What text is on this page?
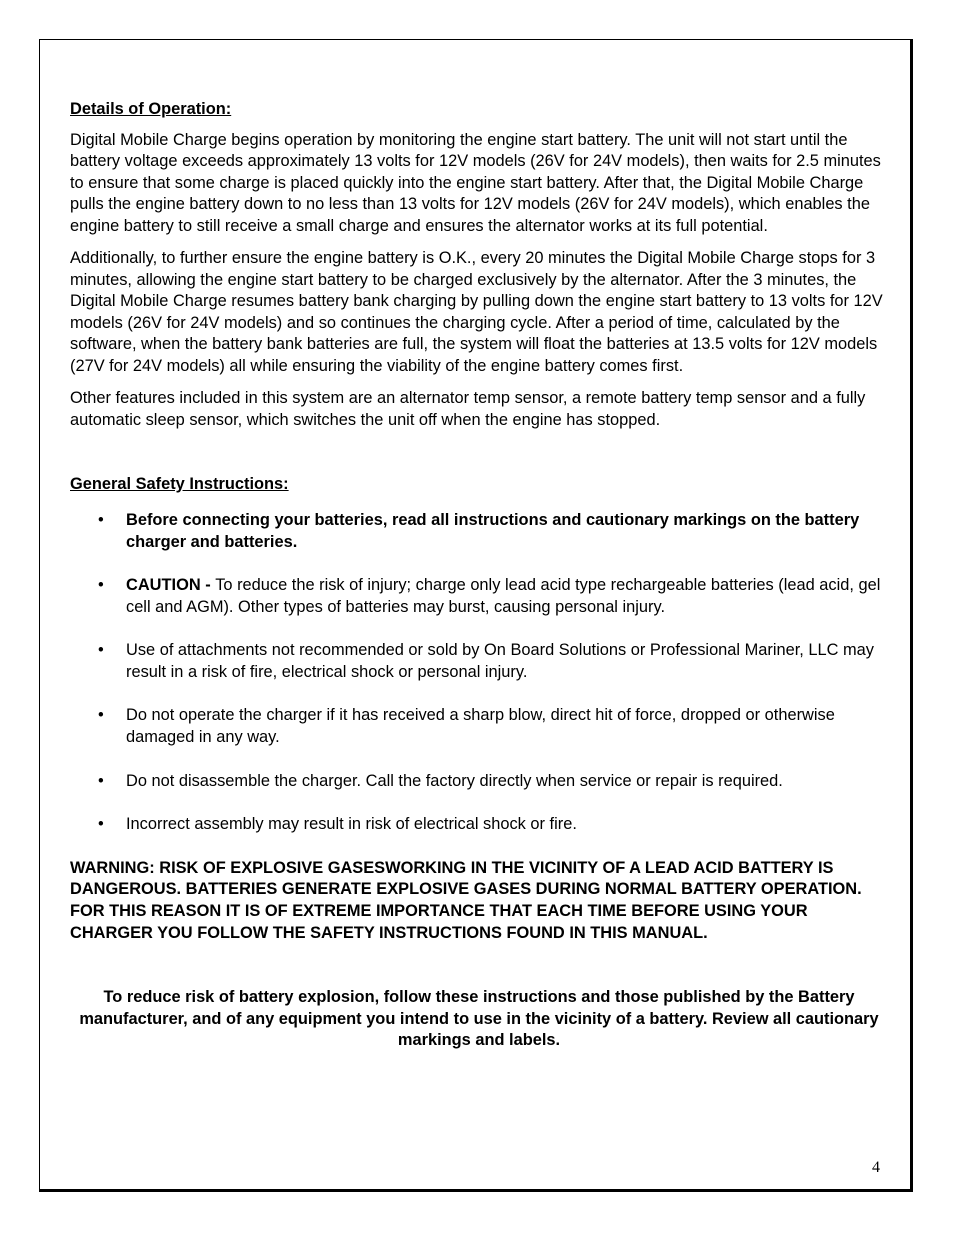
Details of Operation:

Digital Mobile Charge begins operation by monitoring the engine start battery. The unit will not start until the battery voltage exceeds approximately 13 volts for 12V models (26V for 24V models), then waits for 2.5 minutes to ensure that some charge is placed quickly into the engine start battery. After that, the Digital Mobile Charge pulls the engine battery down to no less than 13 volts for 12V models (26V for 24V models), which enables the engine battery to still receive a small charge and ensures the alternator works at its full potential.

Additionally, to further ensure the engine battery is O.K., every 20 minutes the Digital Mobile Charge stops for 3 minutes, allowing the engine start battery to be charged exclusively by the alternator. After the 3 minutes, the Digital Mobile Charge resumes battery bank charging by pulling down the engine start battery to 13 volts for 12V models (26V for 24V models) and so continues the charging cycle. After a period of time, calculated by the software, when the battery bank batteries are full, the system will float the batteries at 13.5 volts for 12V models (27V for 24V models) all while ensuring the viability of the engine battery comes first.

Other features included in this system are an alternator temp sensor, a remote battery temp sensor and a fully automatic sleep sensor, which switches the unit off when the engine has stopped.

General Safety Instructions:

• Before connecting your batteries, read all instructions and cautionary markings on the battery charger and batteries.
• CAUTION - To reduce the risk of injury; charge only lead acid type rechargeable batteries (lead acid, gel cell and AGM). Other types of batteries may burst, causing personal injury.
• Use of attachments not recommended or sold by On Board Solutions or Professional Mariner, LLC may result in a risk of fire, electrical shock or personal injury.
• Do not operate the charger if it has received a sharp blow, direct hit of force, dropped or otherwise damaged in any way.
• Do not disassemble the charger. Call the factory directly when service or repair is required.
• Incorrect assembly may result in risk of electrical shock or fire.

WARNING: RISK OF EXPLOSIVE GASESWORKING IN THE VICINITY OF A LEAD ACID BATTERY IS DANGEROUS. BATTERIES GENERATE EXPLOSIVE GASES DURING NORMAL BATTERY OPERATION. FOR THIS REASON IT IS OF EXTREME IMPORTANCE THAT EACH TIME BEFORE USING YOUR CHARGER YOU FOLLOW THE SAFETY INSTRUCTIONS FOUND IN THIS MANUAL.

To reduce risk of battery explosion, follow these instructions and those published by the Battery manufacturer, and of any equipment you intend to use in the vicinity of a battery. Review all cautionary markings and labels.

4
